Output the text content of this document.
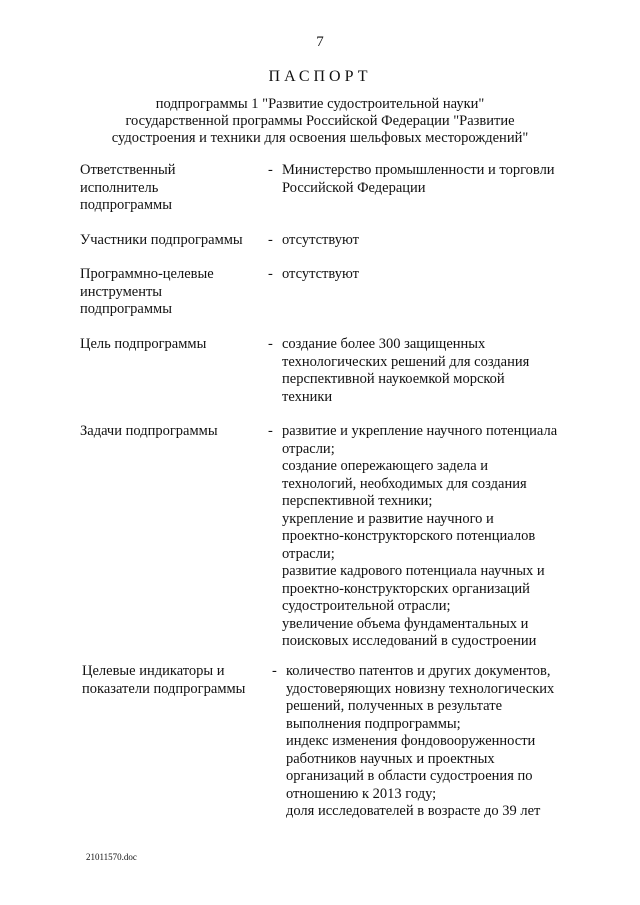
7
ПАСПОРТ
подпрограммы 1 "Развитие судостроительной науки"
государственной программы Российской Федерации "Развитие
судостроения и техники для освоения шельфовых месторождений"
Ответственный
исполнитель
подпрограммы
- Министерство промышленности и торговли
Российской Федерации
Участники подпрограммы - отсутствуют
Программно-целевые
инструменты
подпрограммы
- отсутствуют
Цель подпрограммы	- создание более 300 защищенных
технологических решений для создания
перспективной наукоемкой морской
техники
Задачи подпрограммы	- развитие и укрепление научного потенциала
отрасли;
создание опережающего задела и
технологий, необходимых для создания
перспективной техники;
укрепление и развитие научного и
проектно-конструкторского потенциалов
отрасли;
развитие кадрового потенциала научных и
проектно-конструкторских организаций
судостроительной отрасли;
увеличение объема фундаментальных и
поисковых исследований в судостроении
Целевые индикаторы и
показатели подпрограммы
- количество патентов и других документов,
удостоверяющих новизну технологических
решений, полученных в результате
выполнения подпрограммы;
индекс изменения фондовооруженности
работников научных и проектных
организаций в области судостроения по
отношению к 2013 году;
доля исследователей в возрасте до 39 лет
21011570.doc
